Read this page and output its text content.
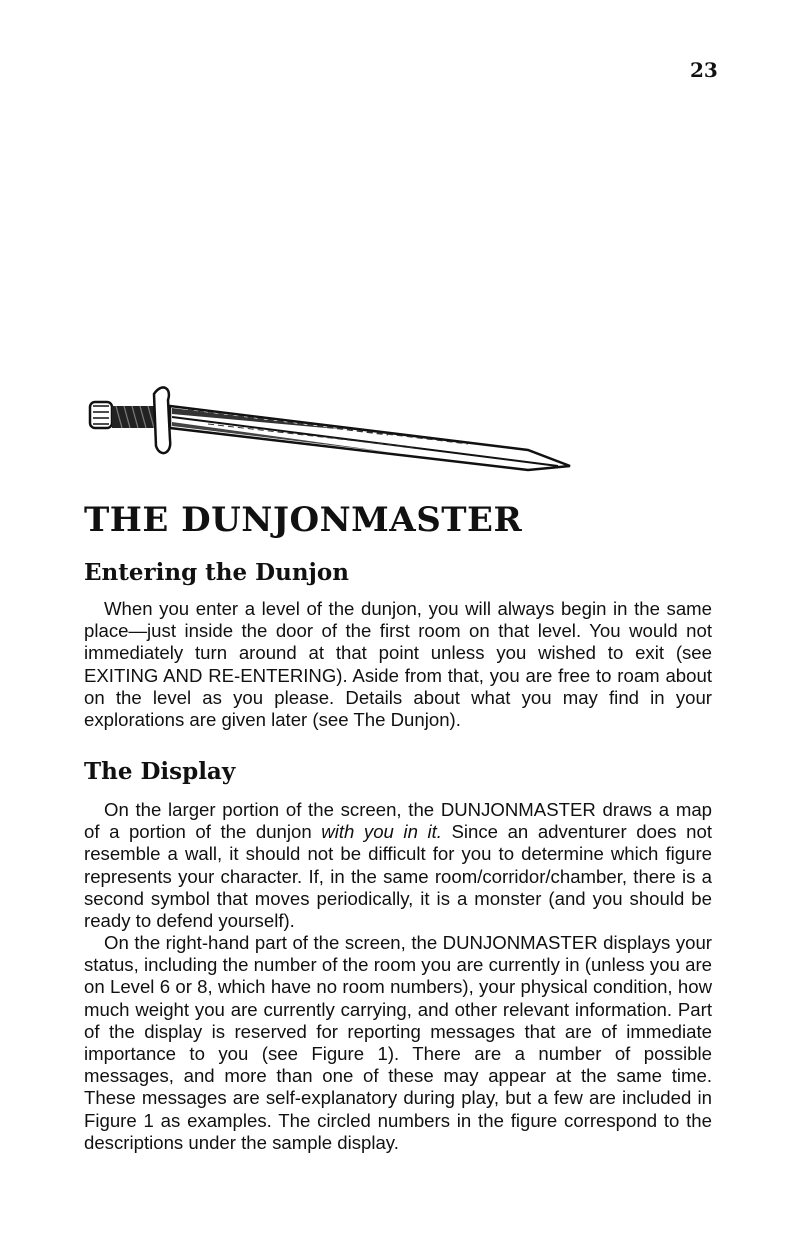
23
THE DUNJONMASTER
Entering the Dunjon

When you enter a level of the dunjon, you will always begin in the same place—just inside the door of the first room on that level. You would not immediately turn around at that point unless you wished to exit (see EXITING AND RE-ENTERING). Aside from that, you are free to roam about on the level as you please. Details about what you may find in your explorations are given later (see The Dunjon).

The Display

On the larger portion of the screen, the DUNJONMASTER draws a map of a portion of the dunjon with you in it. Since an adventurer does not resemble a wall, it should not be difficult for you to determine which figure represents your character. If, in the same room/corridor/chamber, there is a second symbol that moves periodically, it is a monster (and you should be ready to defend yourself).

On the right-hand part of the screen, the DUNJONMASTER displays your status, including the number of the room you are currently in (unless you are on Level 6 or 8, which have no room numbers), your physical condition, how much weight you are currently carrying, and other relevant information. Part of the display is reserved for reporting messages that are of immediate importance to you (see Figure 1). There are a number of possible messages, and more than one of these may appear at the same time. These messages are self-explanatory during play, but a few are included in Figure 1 as examples. The circled numbers in the figure correspond to the descriptions under the sample display.
